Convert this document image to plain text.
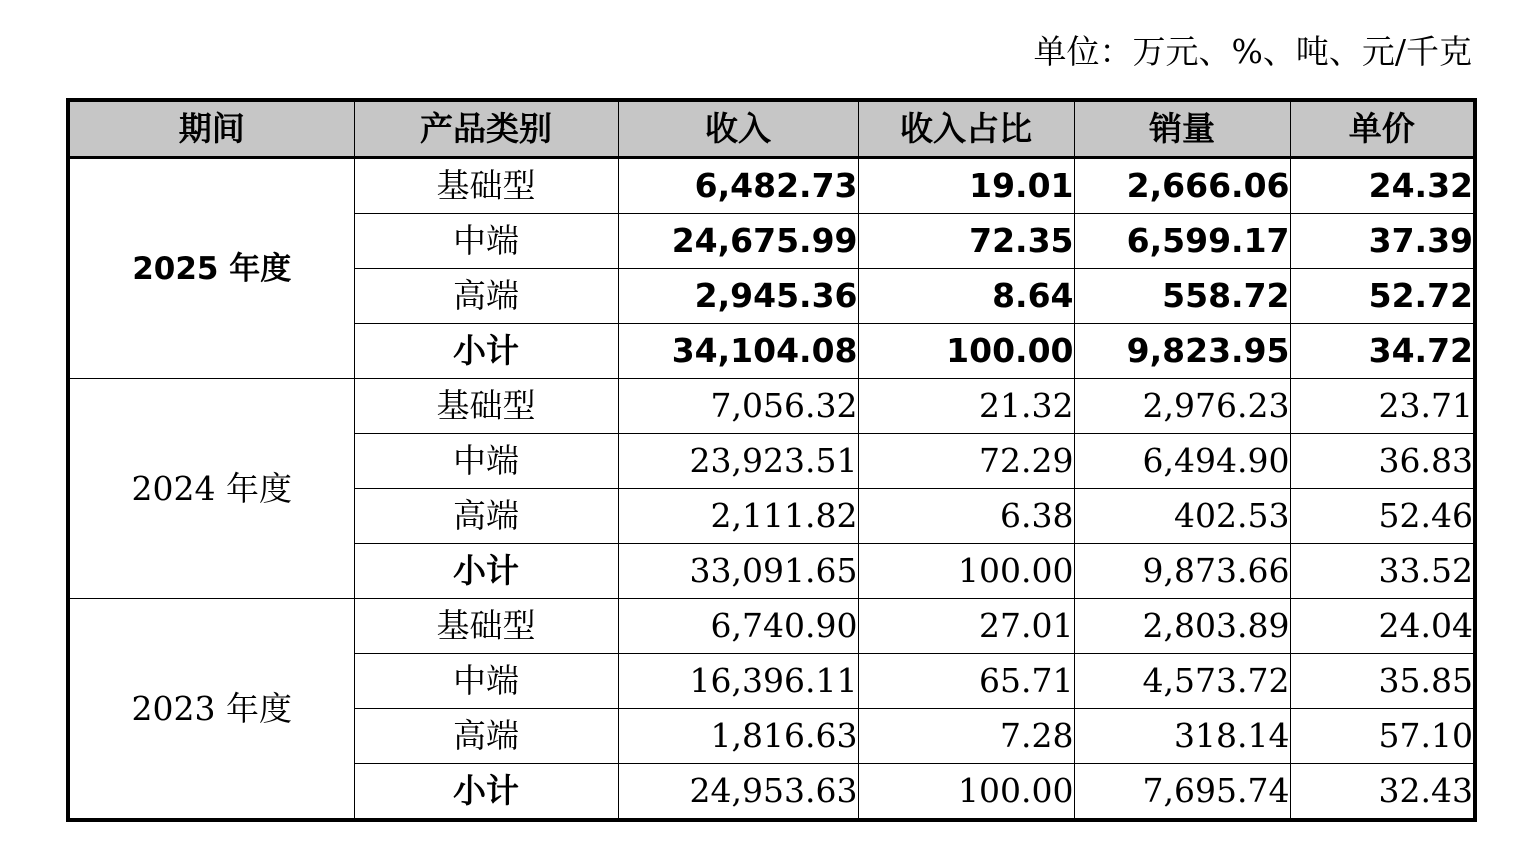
单位：万元、%、吨、元/千克
期间	产品类别	收入	收入占比	销量	单价
2025 年度	基础型	6,482.73	19.01	2,666.06	24.32
	中端	24,675.99	72.35	6,599.17	37.39
	高端	2,945.36	8.64	558.72	52.72
	小计	34,104.08	100.00	9,823.95	34.72
2024 年度	基础型	7,056.32	21.32	2,976.23	23.71
	中端	23,923.51	72.29	6,494.90	36.83
	高端	2,111.82	6.38	402.53	52.46
	小计	33,091.65	100.00	9,873.66	33.52
2023 年度	基础型	6,740.90	27.01	2,803.89	24.04
	中端	16,396.11	65.71	4,573.72	35.85
	高端	1,816.63	7.28	318.14	57.10
	小计	24,953.63	100.00	7,695.74	32.43
